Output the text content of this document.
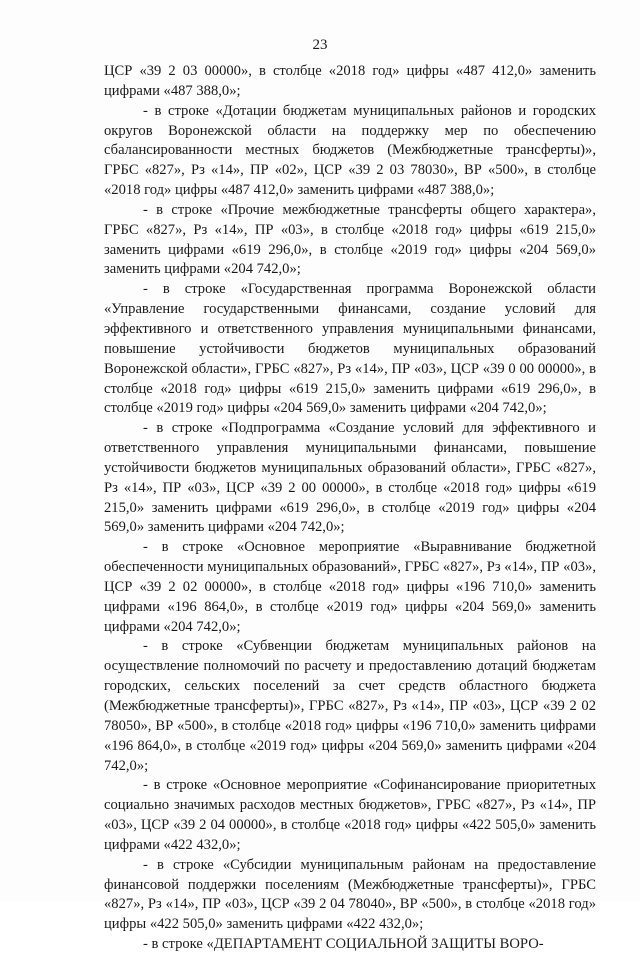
23

ЦСР «39 2 03 00000», в столбце «2018 год» цифры «487 412,0» заменить цифрами «487 388,0»;

- в строке «Дотации бюджетам муниципальных районов и городских округов Воронежской области на поддержку мер по обеспечению сбалансированности местных бюджетов (Межбюджетные трансферты)», ГРБС «827», Рз «14», ПР «02», ЦСР «39 2 03 78030», ВР «500», в столбце «2018 год» цифры «487 412,0» заменить цифрами «487 388,0»;

- в строке «Прочие межбюджетные трансферты общего характера», ГРБС «827», Рз «14», ПР «03», в столбце «2018 год» цифры «619 215,0» заменить цифрами «619 296,0», в столбце «2019 год» цифры «204 569,0» заменить цифрами «204 742,0»;

- в строке «Государственная программа Воронежской области «Управление государственными финансами, создание условий для эффективного и ответственного управления муниципальными финансами, повышение устойчивости бюджетов муниципальных образований Воронежской области», ГРБС «827», Рз «14», ПР «03», ЦСР «39 0 00 00000», в столбце «2018 год» цифры «619 215,0» заменить цифрами «619 296,0», в столбце «2019 год» цифры «204 569,0» заменить цифрами «204 742,0»;

- в строке «Подпрограмма «Создание условий для эффективного и ответственного управления муниципальными финансами, повышение устойчивости бюджетов муниципальных образований области», ГРБС «827», Рз «14», ПР «03», ЦСР «39 2 00 00000», в столбце «2018 год» цифры «619 215,0» заменить цифрами «619 296,0», в столбце «2019 год» цифры «204 569,0» заменить цифрами «204 742,0»;

- в строке «Основное мероприятие «Выравнивание бюджетной обеспеченности муниципальных образований», ГРБС «827», Рз «14», ПР «03», ЦСР «39 2 02 00000», в столбце «2018 год» цифры «196 710,0» заменить цифрами «196 864,0», в столбце «2019 год» цифры «204 569,0» заменить цифрами «204 742,0»;

- в строке «Субвенции бюджетам муниципальных районов на осуществление полномочий по расчету и предоставлению дотаций бюджетам городских, сельских поселений за счет средств областного бюджета (Межбюджетные трансферты)», ГРБС «827», Рз «14», ПР «03», ЦСР «39 2 02 78050», ВР «500», в столбце «2018 год» цифры «196 710,0» заменить цифрами «196 864,0», в столбце «2019 год» цифры «204 569,0» заменить цифрами «204 742,0»;

- в строке «Основное мероприятие «Софинансирование приоритетных социально значимых расходов местных бюджетов», ГРБС «827», Рз «14», ПР «03», ЦСР «39 2 04 00000», в столбце «2018 год» цифры «422 505,0» заменить цифрами «422 432,0»;

- в строке «Субсидии муниципальным районам на предоставление финансовой поддержки поселениям (Межбюджетные трансферты)», ГРБС «827», Рз «14», ПР «03», ЦСР «39 2 04 78040», ВР «500», в столбце «2018 год» цифры «422 505,0» заменить цифрами «422 432,0»;

- в строке «ДЕПАРТАМЕНТ СОЦИАЛЬНОЙ ЗАЩИТЫ ВОРО-
